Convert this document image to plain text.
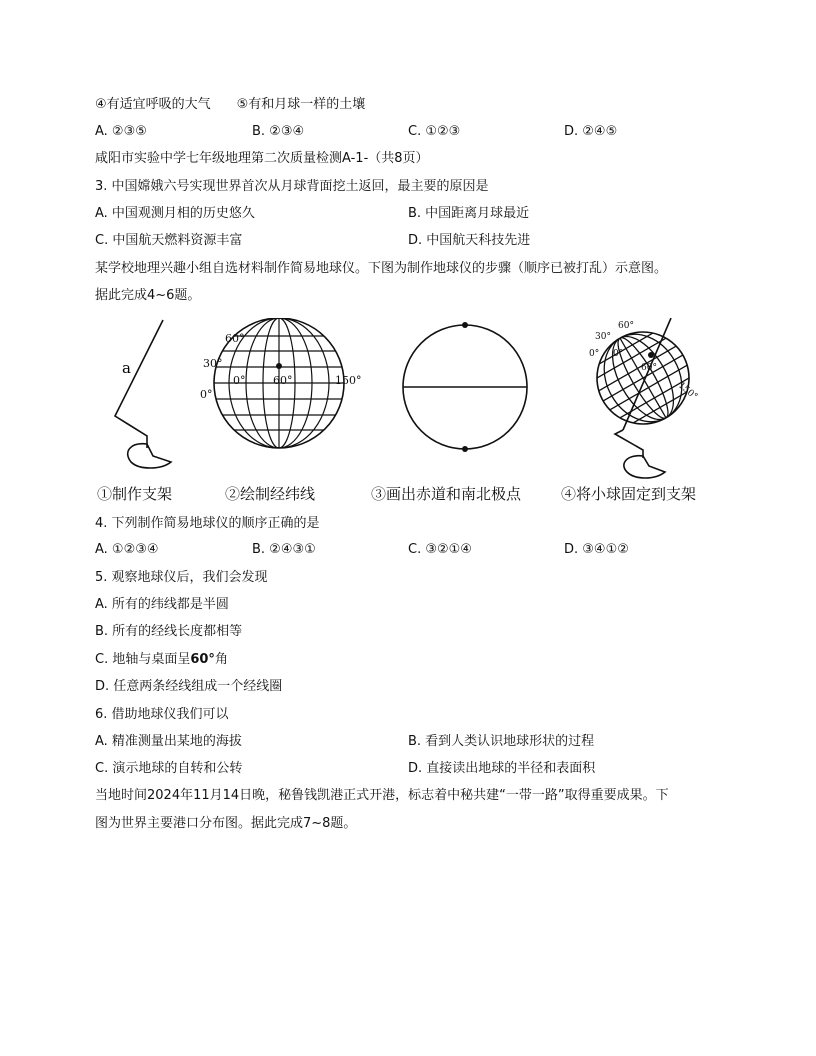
④有适宜呼吸的大气　　⑤有和月球一样的土壤
A. ②③⑤	B. ②③④	C. ①②③	D. ②④⑤
咸阳市实验中学七年级地理第二次质量检测A-1-（共8页）
3. 中国嫦娥六号实现世界首次从月球背面挖土返回，最主要的原因是
A. 中国观测月相的历史悠久	B. 中国距离月球最近
C. 中国航天燃料资源丰富	D. 中国航天科技先进
某学校地理兴趣小组自选材料制作简易地球仪。下图为制作地球仪的步骤（顺序已被打乱）示意图。
据此完成4~6题。
a
60°
30°
0°
0°
60°	150°
30°
60°
0° 0°
60°
150°
①制作支架	②绘制经纬线	③画出赤道和南北极点	④将小球固定到支架
4. 下列制作简易地球仪的顺序正确的是
A. ①②③④	B. ②④③①	C. ③②①④	D. ③④①②
5. 观察地球仪后，我们会发现
A. 所有的纬线都是半圆
B. 所有的经线长度都相等
C. 地轴与桌面呈60°角
D. 任意两条经线组成一个经线圈
6. 借助地球仪我们可以
A. 精准测量出某地的海拔	B. 看到人类认识地球形状的过程
C. 演示地球的自转和公转	D. 直接读出地球的半径和表面积
当地时间2024年11月14日晚，秘鲁钱凯港正式开港，标志着中秘共建“一带一路”取得重要成果。下
图为世界主要港口分布图。据此完成7~8题。
